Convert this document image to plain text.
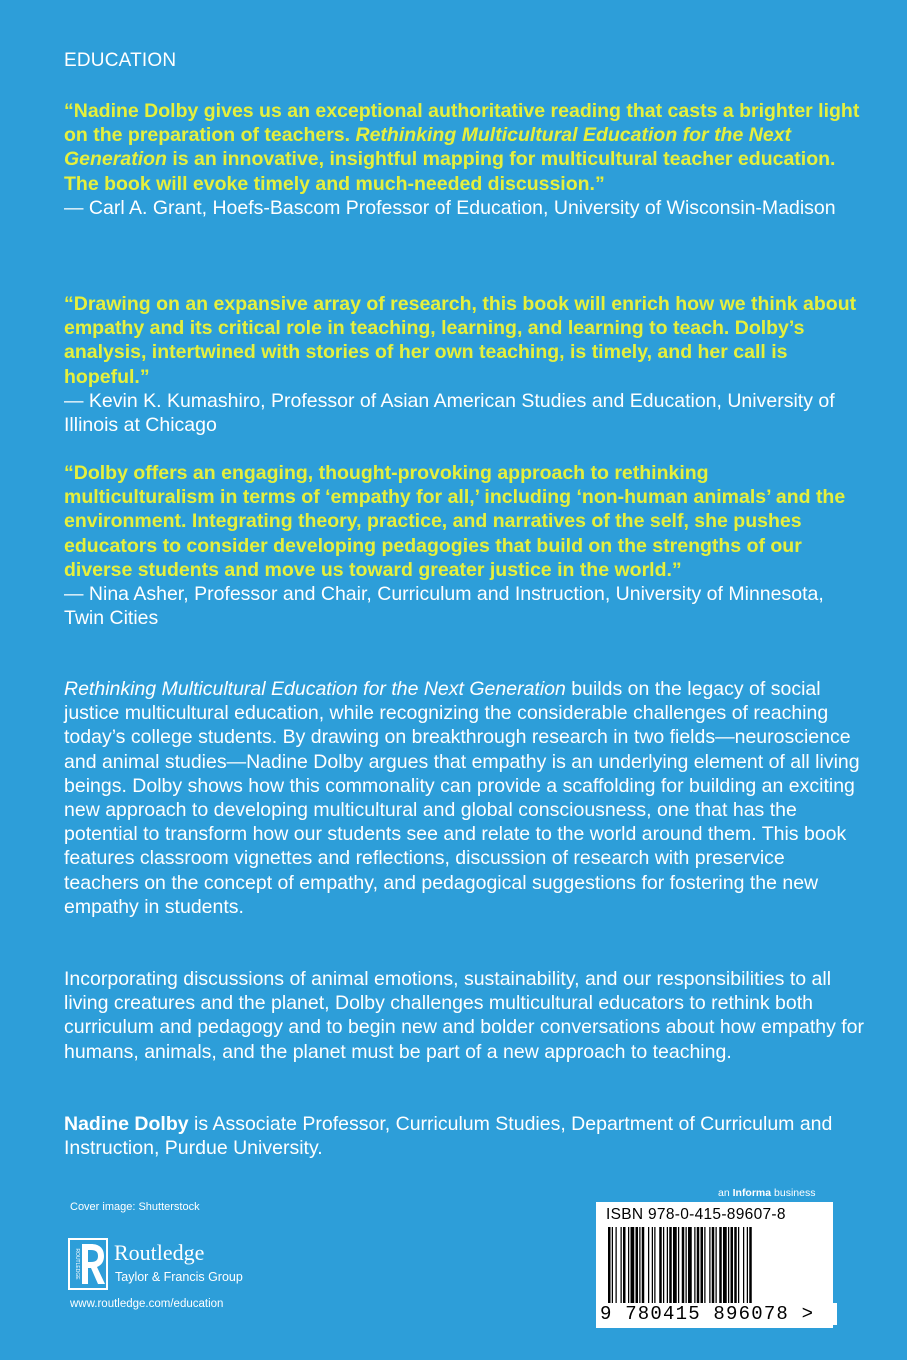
EDUCATION

“Nadine Dolby gives us an exceptional authoritative reading that casts a brighter light on the preparation of teachers. Rethinking Multicultural Education for the Next Generation is an innovative, insightful mapping for multicultural teacher education. The book will evoke timely and much-needed discussion.”

— Carl A. Grant, Hoefs-Bascom Professor of Education, University of Wisconsin-Madison

“Drawing on an expansive array of research, this book will enrich how we think about empathy and its critical role in teaching, learning, and learning to teach. Dolby’s analysis, intertwined with stories of her own teaching, is timely, and her call is hopeful.”

— Kevin K. Kumashiro, Professor of Asian American Studies and Education, University of Illinois at Chicago

“Dolby offers an engaging, thought-provoking approach to rethinking multiculturalism in terms of ‘empathy for all,’ including ‘non-human animals’ and the environment. Integrating theory, practice, and narratives of the self, she pushes educators to consider developing pedagogies that build on the strengths of our diverse students and move us toward greater justice in the world.”

— Nina Asher, Professor and Chair, Curriculum and Instruction, University of Minnesota, Twin Cities

Rethinking Multicultural Education for the Next Generation builds on the legacy of social justice multicultural education, while recognizing the considerable challenges of reaching today’s college students. By drawing on breakthrough research in two fields—neuroscience and animal studies—Nadine Dolby argues that empathy is an underlying element of all living beings. Dolby shows how this commonality can provide a scaffolding for building an exciting new approach to developing multicultural and global consciousness, one that has the potential to transform how our students see and relate to the world around them. This book features classroom vignettes and reflections, discussion of research with preservice teachers on the concept of empathy, and pedagogical suggestions for fostering the new empathy in students.

Incorporating discussions of animal emotions, sustainability, and our responsibilities to all living creatures and the planet, Dolby challenges multicultural educators to rethink both curriculum and pedagogy and to begin new and bolder conversations about how empathy for humans, animals, and the planet must be part of a new approach to teaching.

Nadine Dolby is Associate Professor, Curriculum Studies, Department of Curriculum and Instruction, Purdue University.

Cover image: Shutterstock
ROUTLEDGE Routledge
Taylor & Francis Group
www.routledge.com/education
an Informa business
ISBN 978-0-415-89607-8
9 780415 896078 >
